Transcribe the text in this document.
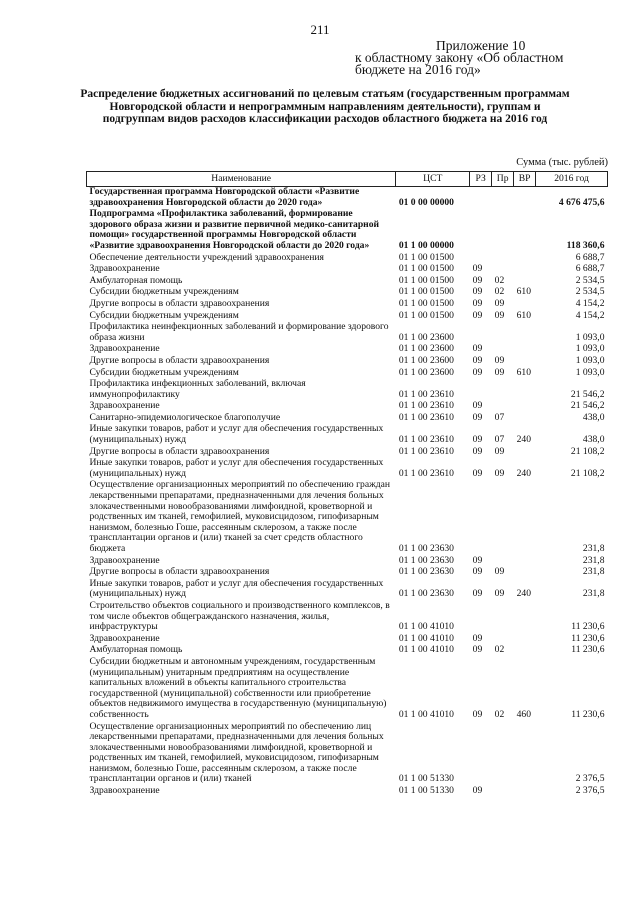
211
Приложение 10
к областному закону «Об областном
бюджете на 2016 год»
Распределение бюджетных ассигнований по целевым статьям (государственным программам Новгородской области и непрограммным направлениям деятельности), группам и подгруппам видов расходов классификации расходов областного бюджета на 2016 год
Сумма (тыс. рублей)
Наименование	ЦСТ	РЗ	Пр	ВР	2016 год
Государственная программа Новгородской области «Развитие здравоохранения Новгородской области до 2020 года»	01 0 00 00000				4 676 475,6
Подпрограмма «Профилактика заболеваний, формирование здорового образа жизни и развитие первичной медико-санитарной помощи» государственной программы Новгородской области «Развитие здравоохранения Новгородской области до 2020 года»	01 1 00 00000				118 360,6
Обеспечение деятельности учреждений здравоохранения	01 1 00 01500				6 688,7
Здравоохранение	01 1 00 01500	09			6 688,7
Амбулаторная помощь	01 1 00 01500	09	02		2 534,5
Субсидии бюджетным учреждениям	01 1 00 01500	09	02	610	2 534,5
Другие вопросы в области здравоохранения	01 1 00 01500	09	09		4 154,2
Субсидии бюджетным учреждениям	01 1 00 01500	09	09	610	4 154,2
Профилактика неинфекционных заболеваний и формирование здорового образа жизни	01 1 00 23600				1 093,0
Здравоохранение	01 1 00 23600	09			1 093,0
Другие вопросы в области здравоохранения	01 1 00 23600	09	09		1 093,0
Субсидии бюджетным учреждениям	01 1 00 23600	09	09	610	1 093,0
Профилактика инфекционных заболеваний, включая иммунопрофилактику	01 1 00 23610				21 546,2
Здравоохранение	01 1 00 23610	09			21 546,2
Санитарно-эпидемиологическое благополучие	01 1 00 23610	09	07		438,0
Иные закупки товаров, работ и услуг для обеспечения государственных (муниципальных) нужд	01 1 00 23610	09	07	240	438,0
Другие вопросы в области здравоохранения	01 1 00 23610	09	09		21 108,2
Иные закупки товаров, работ и услуг для обеспечения государственных (муниципальных) нужд	01 1 00 23610	09	09	240	21 108,2
Осуществление организационных мероприятий по обеспечению граждан лекарственными препаратами, предназначенными для лечения больных злокачественными новообразованиями лимфоидной, кроветворной и родственных им тканей, гемофилией, муковисцидозом, гипофизарным нанизмом, болезнью Гоше, рассеянным склерозом, а также после трансплантации органов и (или) тканей за счет средств областного бюджета	01 1 00 23630				231,8
Здравоохранение	01 1 00 23630	09			231,8
Другие вопросы в области здравоохранения	01 1 00 23630	09	09		231,8
Иные закупки товаров, работ и услуг для обеспечения государственных (муниципальных) нужд	01 1 00 23630	09	09	240	231,8
Строительство объектов социального и производственного комплексов, в том числе объектов общегражданского назначения, жилья, инфраструктуры	01 1 00 41010				11 230,6
Здравоохранение	01 1 00 41010	09			11 230,6
Амбулаторная помощь	01 1 00 41010	09	02		11 230,6
Субсидии бюджетным и автономным учреждениям, государственным (муниципальным) унитарным предприятиям на осуществление капитальных вложений в объекты капитального строительства государственной (муниципальной) собственности или приобретение объектов недвижимого имущества в государственную (муниципальную) собственность	01 1 00 41010	09	02	460	11 230,6
Осуществление организационных мероприятий по обеспечению лиц лекарственными препаратами, предназначенными для лечения больных злокачественными новообразованиями лимфоидной, кроветворной и родственных им тканей, гемофилией, муковисцидозом, гипофизарным нанизмом, болезнью Гоше, рассеянным склерозом, а также после трансплантации органов и (или) тканей	01 1 00 51330				2 376,5
Здравоохранение	01 1 00 51330	09			2 376,5
